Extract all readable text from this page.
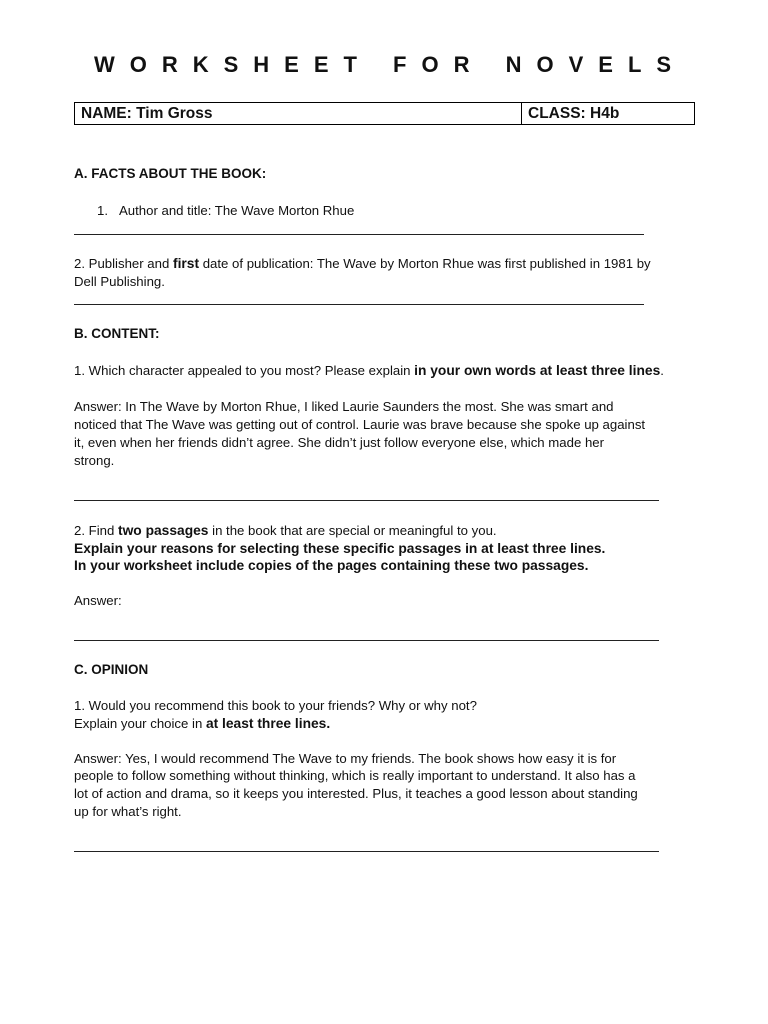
WORKSHEET FOR NOVELS
NAME: Tim Gross	CLASS: H4b
A. FACTS ABOUT THE BOOK:
1. Author and title: The Wave Morton Rhue
2. Publisher and first date of publication: The Wave by Morton Rhue was first published in 1981 by
Dell Publishing.
B. CONTENT:
1. Which character appealed to you most? Please explain in your own words at least three lines.
Answer: In The Wave by Morton Rhue, I liked Laurie Saunders the most. She was smart and
noticed that The Wave was getting out of control. Laurie was brave because she spoke up against
it, even when her friends didn’t agree. She didn’t just follow everyone else, which made her
strong.
2. Find two passages in the book that are special or meaningful to you.
Explain your reasons for selecting these specific passages in at least three lines.
In your worksheet include copies of the pages containing these two passages.
Answer:
C. OPINION
1. Would you recommend this book to your friends? Why or why not?
Explain your choice in at least three lines.
Answer: Yes, I would recommend The Wave to my friends. The book shows how easy it is for
people to follow something without thinking, which is really important to understand. It also has a
lot of action and drama, so it keeps you interested. Plus, it teaches a good lesson about standing
up for what’s right.
